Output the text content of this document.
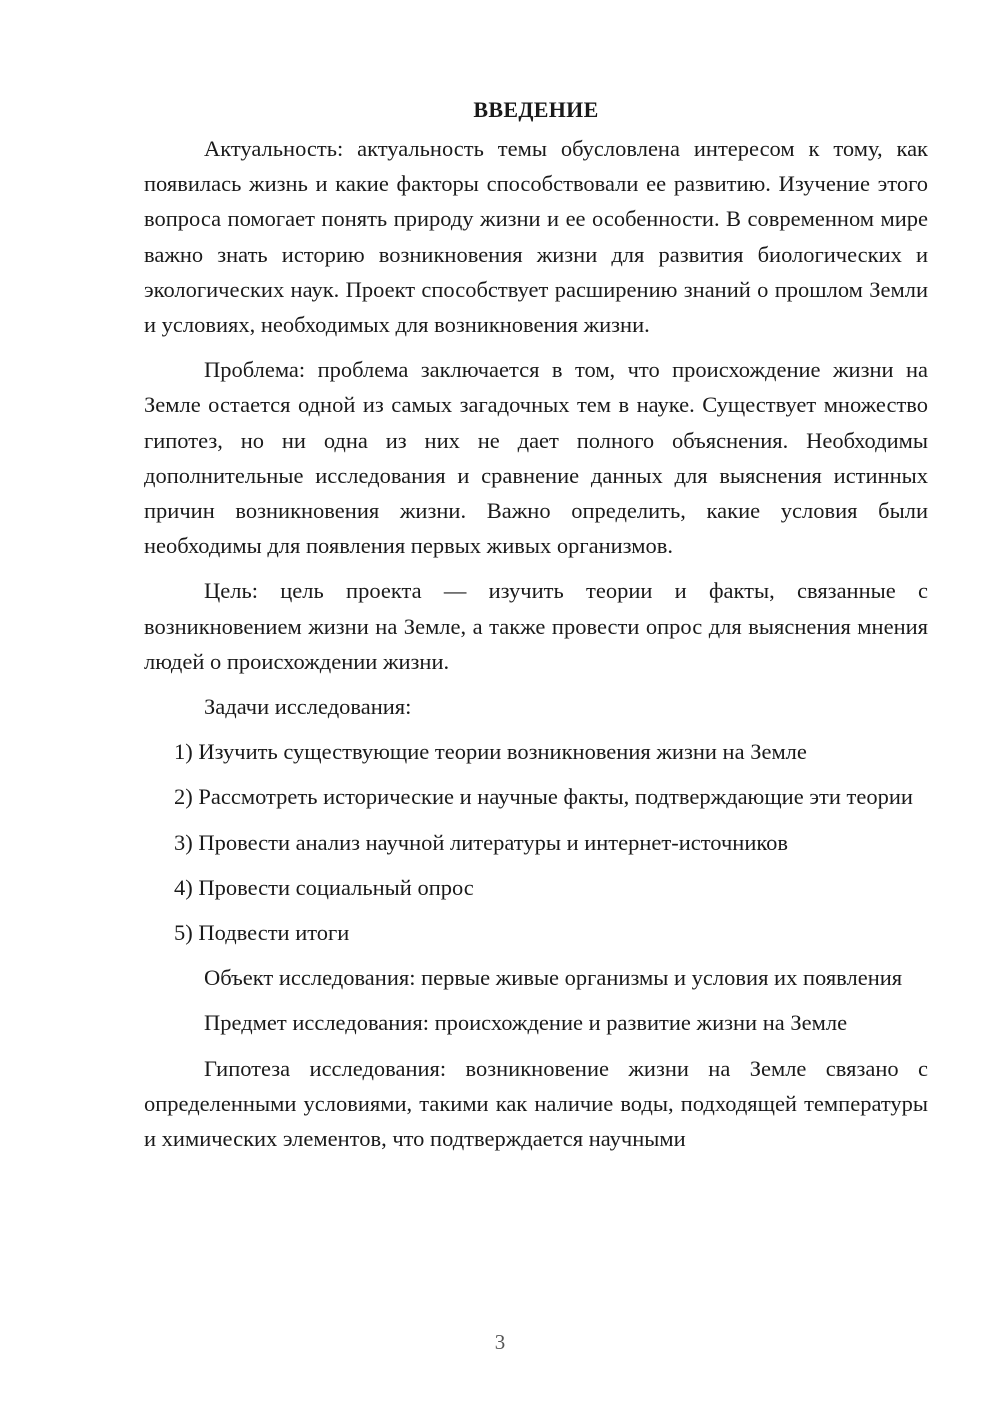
ВВЕДЕНИЕ

Актуальность: актуальность темы обусловлена интересом к тому, как появилась жизнь и какие факторы способствовали ее развитию. Изучение этого вопроса помогает понять природу жизни и ее особенности. В современном мире важно знать историю возникновения жизни для развития биологических и экологических наук. Проект способствует расширению знаний о прошлом Земли и условиях, необходимых для возникновения жизни.

Проблема: проблема заключается в том, что происхождение жизни на Земле остается одной из самых загадочных тем в науке. Существует множество гипотез, но ни одна из них не дает полного объяснения. Необходимы дополнительные исследования и сравнение данных для выяснения истинных причин возникновения жизни. Важно определить, какие условия были необходимы для появления первых живых организмов.

Цель: цель проекта — изучить теории и факты, связанные с возникновением жизни на Земле, а также провести опрос для выяснения мнения людей о происхождении жизни.

Задачи исследования:

1) Изучить существующие теории возникновения жизни на Земле

2) Рассмотреть исторические и научные факты, подтверждающие эти теории

3) Провести анализ научной литературы и интернет-источников

4) Провести социальный опрос

5) Подвести итоги

Объект исследования: первые живые организмы и условия их появления

Предмет исследования: происхождение и развитие жизни на Земле

Гипотеза исследования: возникновение жизни на Земле связано с определенными условиями, такими как наличие воды, подходящей температуры и химических элементов, что подтверждается научными

3
